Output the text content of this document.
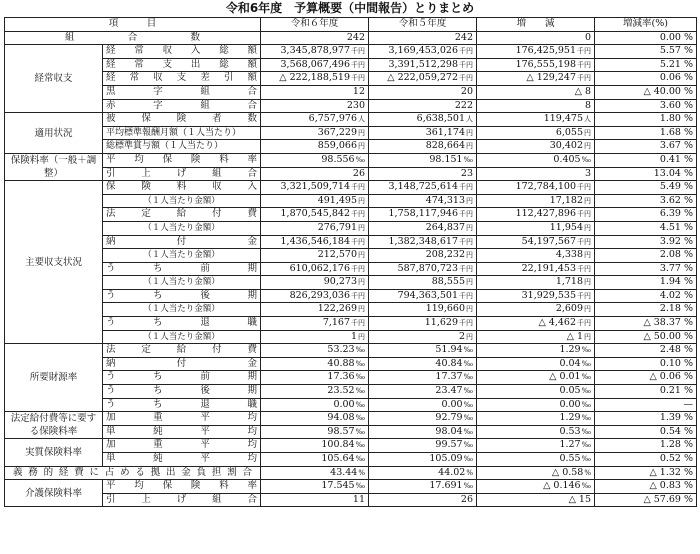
令和6年度　予算概要（中間報告）とりまとめ
項　　　目		令和６年度	令和５年度	増　　減	増減率(%)
組　　合　　数		242	242	0	0.00 %
経常収支	経常収入総額	3,345,878,977千円	3,169,453,026千円	176,425,951千円	5.57 %
	経常支出総額	3,568,067,496千円	3,391,512,298千円	176,555,198千円	5.21 %
	経常収支差引額	△ 222,188,519千円	△ 222,059,272千円	△ 129,247千円	0.06 %
	黒字組合	12	20	△ 8	△ 40.00 %
	赤字組合	230	222	8	3.60 %
適用状況	被保険者数	6,757,976人	6,638,501人	119,475人	1.80 %
	平均標準報酬月額（１人当たり）	367,229円	361,174円	6,055円	1.68 %
	総標準賞与額（１人当たり）	859,066円	828,664円	30,402円	3.67 %
保険料率（一般＋調整）	平均保険料率	98.556‰	98.151‰	0.405‰	0.41 %
	引上げ組合	26	23	3	13.04 %
主要収支状況	保険料収入	3,321,509,714千円	3,148,725,614千円	172,784,100千円	5.49 %
	（１人当たり金額）	491,495円	474,313円	17,182円	3.62 %
	法定給付費	1,870,545,842千円	1,758,117,946千円	112,427,896千円	6.39 %
	（１人当たり金額）	276,791円	264,837円	11,954円	4.51 %
	納付金	1,436,546,184千円	1,382,348,617千円	54,197,567千円	3.92 %
	（１人当たり金額）	212,570円	208,232円	4,338円	2.08 %
	うち前期	610,062,176千円	587,870,723千円	22,191,453千円	3.77 %
	（１人当たり金額）	90,273円	88,555円	1,718円	1.94 %
	うち後期	826,293,036千円	794,363,501千円	31,929,535千円	4.02 %
	（１人当たり金額）	122,269円	119,660円	2,609円	2.18 %
	うち退職	7,167千円	11,629千円	△ 4,462千円	△ 38.37 %
	（１人当たり金額）	1円	2円	△ 1円	△ 50.00 %
所要財源率	法定給付費	53.23‰	51.94‰	1.29‰	2.48 %
	納付金	40.88‰	40.84‰	0.04‰	0.10 %
	うち前期	17.36‰	17.37‰	△ 0.01‰	△ 0.06 %
	うち後期	23.52‰	23.47‰	0.05‰	0.21 %
	うち退職	0.00‰	0.00‰	0.00‰	—
法定給付費等に要する保険料率	加重平均	94.08‰	92.79‰	1.29‰	1.39 %
	単純平均	98.57‰	98.04‰	0.53‰	0.54 %
実質保険料率	加重平均	100.84‰	99.57‰	1.27‰	1.28 %
	単純平均	105.64‰	105.09‰	0.55‰	0.52 %
義務的経費に占める拠出金負担割合		43.44%	44.02%	△ 0.58%	△ 1.32 %
介護保険料率	平均保険料率	17.545‰	17.691‰	△ 0.146‰	△ 0.83 %
	引上げ組合	11	26	△ 15	△ 57.69 %
